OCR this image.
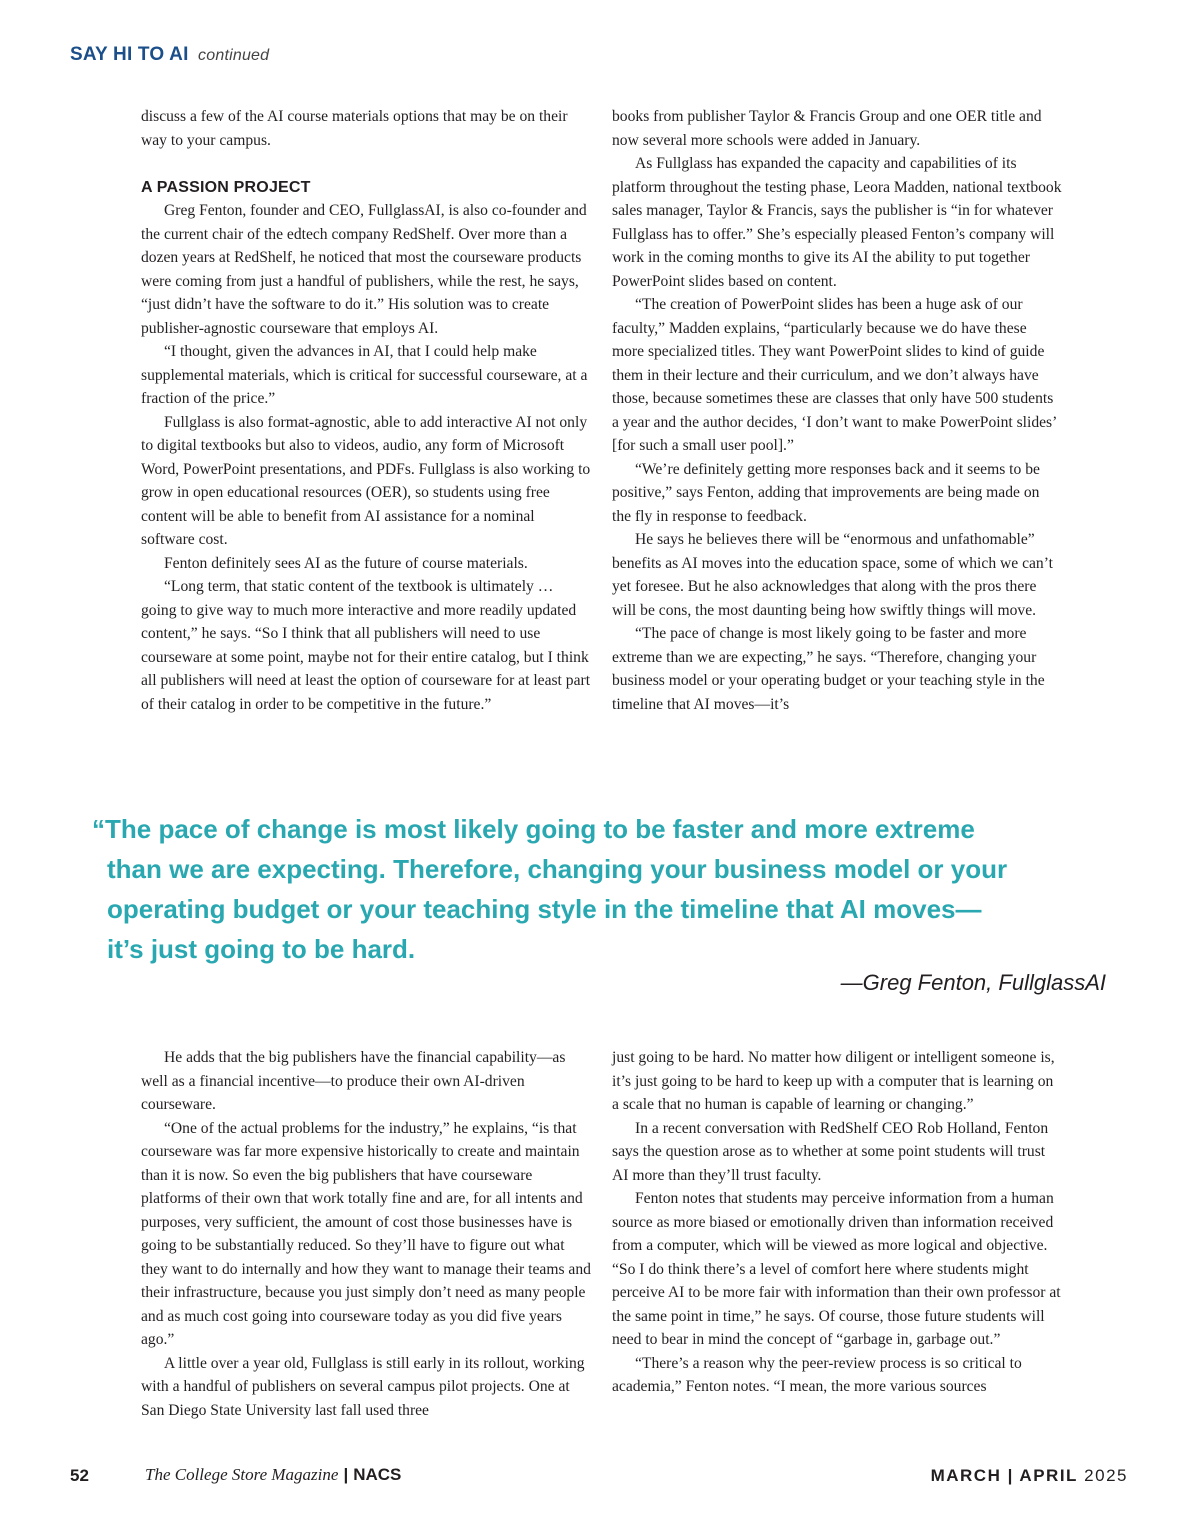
SAY HI TO AI continued

discuss a few of the AI course materials options that may be on their way to your campus.

A PASSION PROJECT

Greg Fenton, founder and CEO, FullglassAI, is also co-founder and the current chair of the edtech company RedShelf. Over more than a dozen years at RedShelf, he noticed that most the courseware products were coming from just a handful of publishers, while the rest, he says, “just didn’t have the software to do it.” His solution was to create publisher-agnostic courseware that employs AI.

“I thought, given the advances in AI, that I could help make supplemental materials, which is critical for successful courseware, at a fraction of the price.”

Fullglass is also format-agnostic, able to add interactive AI not only to digital textbooks but also to videos, audio, any form of Microsoft Word, PowerPoint presentations, and PDFs. Fullglass is also working to grow in open educational resources (OER), so students using free content will be able to benefit from AI assistance for a nominal software cost.

Fenton definitely sees AI as the future of course materials.

“Long term, that static content of the textbook is ultimately … going to give way to much more interactive and more readily updated content,” he says. “So I think that all publishers will need to use courseware at some point, maybe not for their entire catalog, but I think all publishers will need at least the option of courseware for at least part of their catalog in order to be competitive in the future.”

books from publisher Taylor & Francis Group and one OER title and now several more schools were added in January.

As Fullglass has expanded the capacity and capabilities of its platform throughout the testing phase, Leora Madden, national textbook sales manager, Taylor & Francis, says the publisher is “in for whatever Fullglass has to offer.” She’s especially pleased Fenton’s company will work in the coming months to give its AI the ability to put together PowerPoint slides based on content.

“The creation of PowerPoint slides has been a huge ask of our faculty,” Madden explains, “particularly because we do have these more specialized titles. They want PowerPoint slides to kind of guide them in their lecture and their curriculum, and we don’t always have those, because sometimes these are classes that only have 500 students a year and the author decides, ‘I don’t want to make PowerPoint slides’ [for such a small user pool].”

“We’re definitely getting more responses back and it seems to be positive,” says Fenton, adding that improvements are being made on the fly in response to feedback.

He says he believes there will be “enormous and unfathomable” benefits as AI moves into the education space, some of which we can’t yet foresee. But he also acknowledges that along with the pros there will be cons, the most daunting being how swiftly things will move.

“The pace of change is most likely going to be faster and more extreme than we are expecting,” he says. “Therefore, changing your business model or your operating budget or your teaching style in the timeline that AI moves—it’s

“The pace of change is most likely going to be faster and more extreme
than we are expecting. Therefore, changing your business model or your
operating budget or your teaching style in the timeline that AI moves—
it’s just going to be hard.
—Greg Fenton, FullglassAI

He adds that the big publishers have the financial capability—as well as a financial incentive—to produce their own AI-driven courseware.

“One of the actual problems for the industry,” he explains, “is that courseware was far more expensive historically to create and maintain than it is now. So even the big publishers that have courseware platforms of their own that work totally fine and are, for all intents and purposes, very sufficient, the amount of cost those businesses have is going to be substantially reduced. So they’ll have to figure out what they want to do internally and how they want to manage their teams and their infrastructure, because you just simply don’t need as many people and as much cost going into courseware today as you did five years ago.”

A little over a year old, Fullglass is still early in its rollout, working with a handful of publishers on several campus pilot projects. One at San Diego State University last fall used three

just going to be hard. No matter how diligent or intelligent someone is, it’s just going to be hard to keep up with a computer that is learning on a scale that no human is capable of learning or changing.”

In a recent conversation with RedShelf CEO Rob Holland, Fenton says the question arose as to whether at some point students will trust AI more than they’ll trust faculty.

Fenton notes that students may perceive information from a human source as more biased or emotionally driven than information received from a computer, which will be viewed as more logical and objective. “So I do think there’s a level of comfort here where students might perceive AI to be more fair with information than their own professor at the same point in time,” he says. Of course, those future students will need to bear in mind the concept of “garbage in, garbage out.”

“There’s a reason why the peer-review process is so critical to academia,” Fenton notes. “I mean, the more various sources

52	The College Store Magazine | NACS	MARCH | APRIL 2025
